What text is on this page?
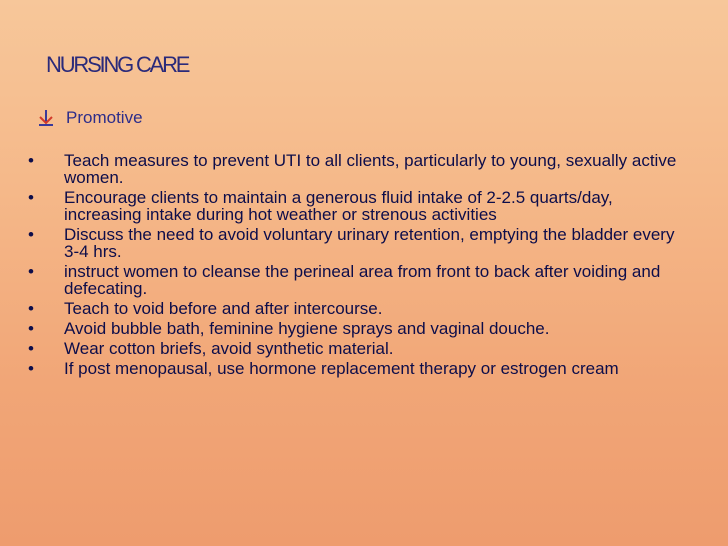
NURSING CARE
Promotive
• Teach measures to prevent UTI to all clients, particularly to young, sexually active women.
• Encourage clients to maintain a generous fluid intake of 2-2.5 quarts/day, increasing intake during hot weather or strenous activities
• Discuss the need to avoid voluntary urinary retention, emptying the bladder every 3-4 hrs.
• instruct women to cleanse the perineal area from front to back after voiding and defecating.
• Teach to void before and after intercourse.
• Avoid bubble bath, feminine hygiene sprays and vaginal douche.
• Wear cotton briefs, avoid synthetic material.
• If post menopausal, use hormone replacement therapy or estrogen cream
